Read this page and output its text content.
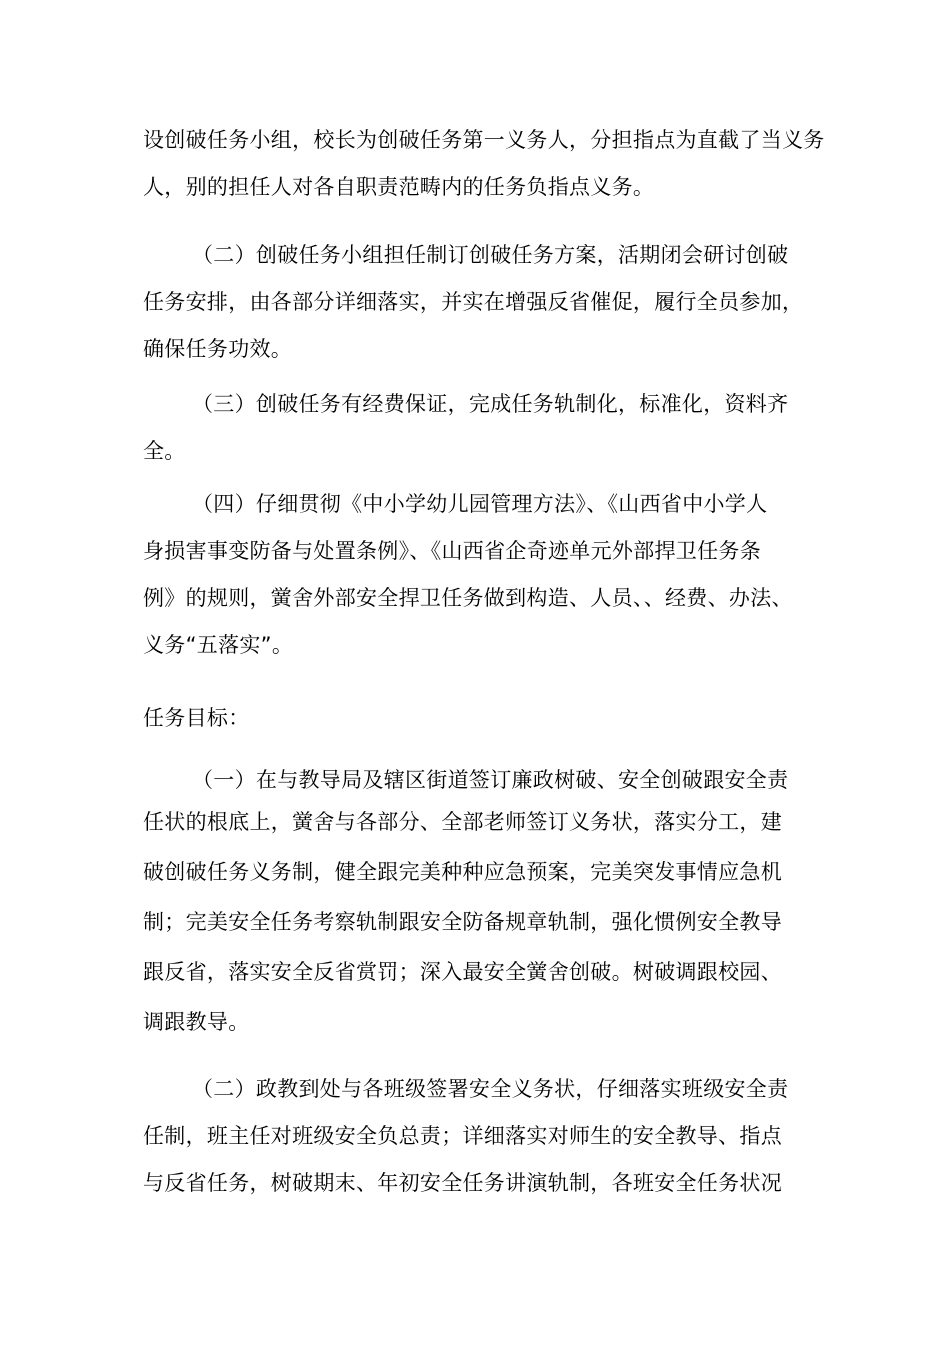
设创破任务小组，校长为创破任务第一义务人，分担指点为直截了当义务
人，别的担任人对各自职责范畴内的任务负指点义务。
（二）创破任务小组担任制订创破任务方案，活期闭会研讨创破
任务安排，由各部分详细落实，并实在增强反省催促，履行全员参加，
确保任务功效。
（三）创破任务有经费保证，完成任务轨制化，标准化，资料齐
全。
（四）仔细贯彻《中小学幼儿园管理方法》、《山西省中小学人
身损害事变防备与处置条例》、《山西省企奇迹单元外部捍卫任务条
例》的规则，黉舍外部安全捍卫任务做到构造、人员、、经费、办法、
义务“五落实”。
任务目标：
（一）在与教导局及辖区街道签订廉政树破、安全创破跟安全责
任状的根底上，黉舍与各部分、全部老师签订义务状，落实分工，建
破创破任务义务制，健全跟完美种种应急预案，完美突发事情应急机
制；完美安全任务考察轨制跟安全防备规章轨制，强化惯例安全教导
跟反省，落实安全反省赏罚；深入最安全黉舍创破。树破调跟校园、
调跟教导。
（二）政教到处与各班级签署安全义务状，仔细落实班级安全责
任制，班主任对班级安全负总责；详细落实对师生的安全教导、指点
与反省任务，树破期末、年初安全任务讲演轨制，各班安全任务状况
